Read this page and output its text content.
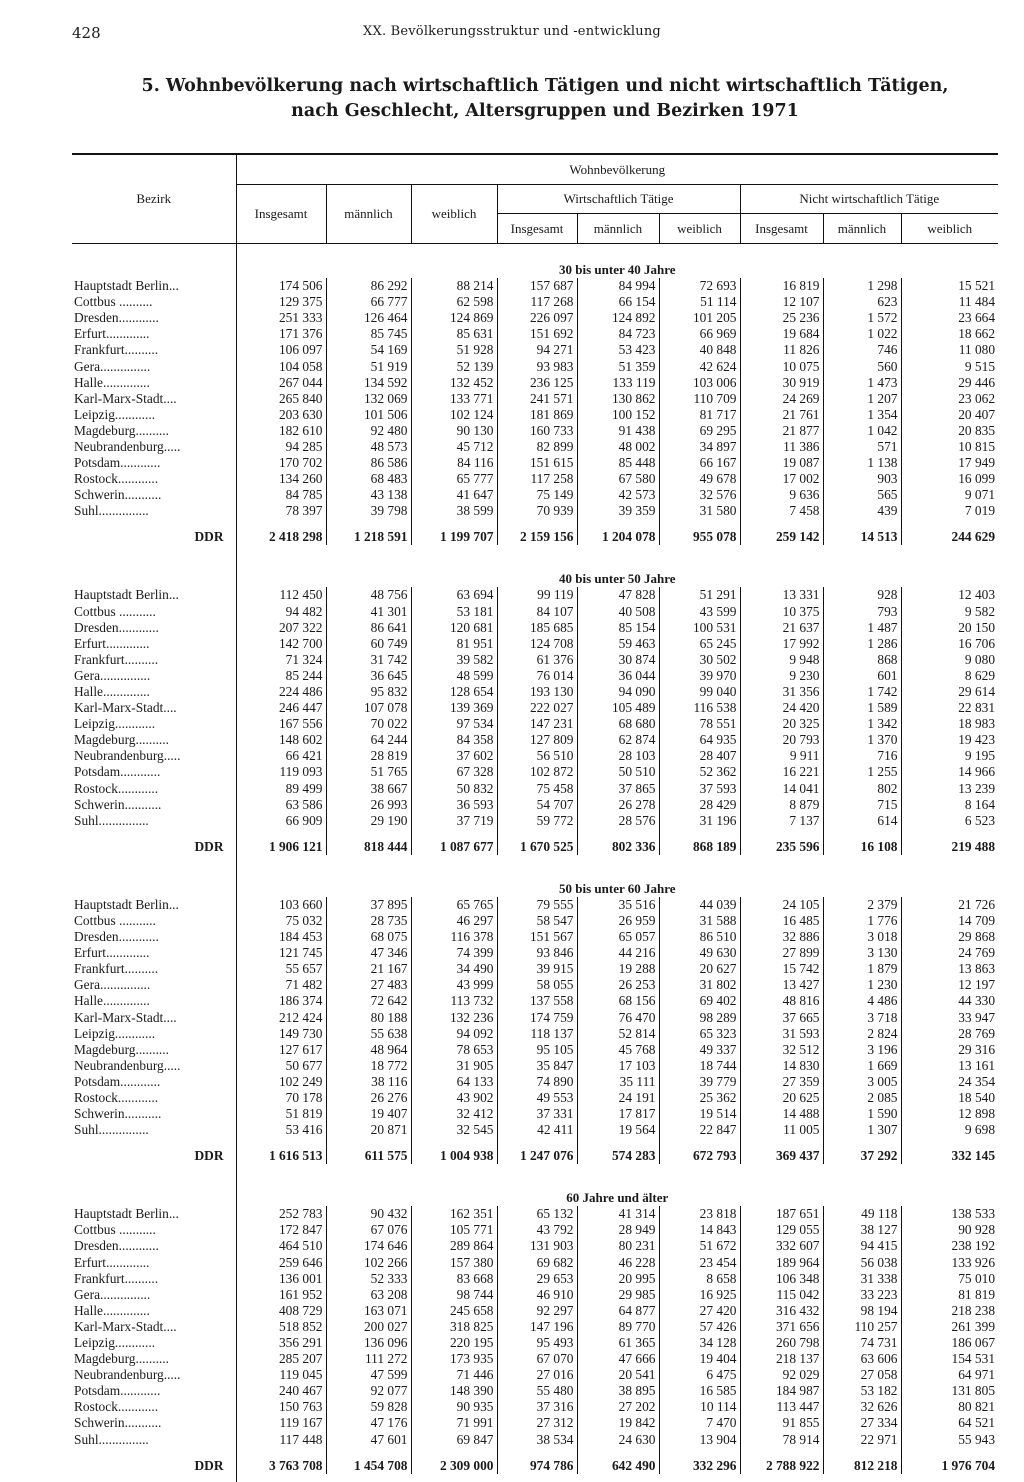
428	XX. Bevölkerungsstruktur und -entwicklung
5. Wohnbevölkerung nach wirtschaftlich Tätigen und nicht wirtschaftlich Tätigen,
nach Geschlecht, Altersgruppen und Bezirken 1971
Bezirk	Wohnbevölkerung								
	Insgesamt	männlich	weiblich	Wirtschaftlich Tätige			Nicht wirtschaftlich Tätige		
				Insgesamt	männlich	weiblich	Insgesamt	männlich	weiblich
	30 bis unter 40 Jahre								
Hauptstadt Berlin...	174 506	86 292	88 214	157 687	84 994	72 693	16 819	1 298	15 521
Cottbus ..........	129 375	66 777	62 598	117 268	66 154	51 114	12 107	623	11 484
Dresden............	251 333	126 464	124 869	226 097	124 892	101 205	25 236	1 572	23 664
Erfurt.............	171 376	85 745	85 631	151 692	84 723	66 969	19 684	1 022	18 662
Frankfurt..........	106 097	54 169	51 928	94 271	53 423	40 848	11 826	746	11 080
Gera...............	104 058	51 919	52 139	93 983	51 359	42 624	10 075	560	9 515
Halle..............	267 044	134 592	132 452	236 125	133 119	103 006	30 919	1 473	29 446
Karl-Marx-Stadt....	265 840	132 069	133 771	241 571	130 862	110 709	24 269	1 207	23 062
Leipzig............	203 630	101 506	102 124	181 869	100 152	81 717	21 761	1 354	20 407
Magdeburg..........	182 610	92 480	90 130	160 733	91 438	69 295	21 877	1 042	20 835
Neubrandenburg.....	94 285	48 573	45 712	82 899	48 002	34 897	11 386	571	10 815
Potsdam............	170 702	86 586	84 116	151 615	85 448	66 167	19 087	1 138	17 949
Rostock............	134 260	68 483	65 777	117 258	67 580	49 678	17 002	903	16 099
Schwerin...........	84 785	43 138	41 647	75 149	42 573	32 576	9 636	565	9 071
Suhl...............	78 397	39 798	38 599	70 939	39 359	31 580	7 458	439	7 019

DDR	2 418 298	1 218 591	1 199 707	2 159 156	1 204 078	955 078	259 142	14 513	244 629

	40 bis unter 50 Jahre								
Hauptstadt Berlin...	112 450	48 756	63 694	99 119	47 828	51 291	13 331	928	12 403
Cottbus ...........	94 482	41 301	53 181	84 107	40 508	43 599	10 375	793	9 582
Dresden............	207 322	86 641	120 681	185 685	85 154	100 531	21 637	1 487	20 150
Erfurt.............	142 700	60 749	81 951	124 708	59 463	65 245	17 992	1 286	16 706
Frankfurt..........	71 324	31 742	39 582	61 376	30 874	30 502	9 948	868	9 080
Gera...............	85 244	36 645	48 599	76 014	36 044	39 970	9 230	601	8 629
Halle..............	224 486	95 832	128 654	193 130	94 090	99 040	31 356	1 742	29 614
Karl-Marx-Stadt....	246 447	107 078	139 369	222 027	105 489	116 538	24 420	1 589	22 831
Leipzig............	167 556	70 022	97 534	147 231	68 680	78 551	20 325	1 342	18 983
Magdeburg..........	148 602	64 244	84 358	127 809	62 874	64 935	20 793	1 370	19 423
Neubrandenburg.....	66 421	28 819	37 602	56 510	28 103	28 407	9 911	716	9 195
Potsdam............	119 093	51 765	67 328	102 872	50 510	52 362	16 221	1 255	14 966
Rostock............	89 499	38 667	50 832	75 458	37 865	37 593	14 041	802	13 239
Schwerin...........	63 586	26 993	36 593	54 707	26 278	28 429	8 879	715	8 164
Suhl...............	66 909	29 190	37 719	59 772	28 576	31 196	7 137	614	6 523

DDR	1 906 121	818 444	1 087 677	1 670 525	802 336	868 189	235 596	16 108	219 488

	50 bis unter 60 Jahre								
Hauptstadt Berlin...	103 660	37 895	65 765	79 555	35 516	44 039	24 105	2 379	21 726
Cottbus ...........	75 032	28 735	46 297	58 547	26 959	31 588	16 485	1 776	14 709
Dresden............	184 453	68 075	116 378	151 567	65 057	86 510	32 886	3 018	29 868
Erfurt.............	121 745	47 346	74 399	93 846	44 216	49 630	27 899	3 130	24 769
Frankfurt..........	55 657	21 167	34 490	39 915	19 288	20 627	15 742	1 879	13 863
Gera...............	71 482	27 483	43 999	58 055	26 253	31 802	13 427	1 230	12 197
Halle..............	186 374	72 642	113 732	137 558	68 156	69 402	48 816	4 486	44 330
Karl-Marx-Stadt....	212 424	80 188	132 236	174 759	76 470	98 289	37 665	3 718	33 947
Leipzig............	149 730	55 638	94 092	118 137	52 814	65 323	31 593	2 824	28 769
Magdeburg..........	127 617	48 964	78 653	95 105	45 768	49 337	32 512	3 196	29 316
Neubrandenburg.....	50 677	18 772	31 905	35 847	17 103	18 744	14 830	1 669	13 161
Potsdam............	102 249	38 116	64 133	74 890	35 111	39 779	27 359	3 005	24 354
Rostock............	70 178	26 276	43 902	49 553	24 191	25 362	20 625	2 085	18 540
Schwerin...........	51 819	19 407	32 412	37 331	17 817	19 514	14 488	1 590	12 898
Suhl...............	53 416	20 871	32 545	42 411	19 564	22 847	11 005	1 307	9 698

DDR	1 616 513	611 575	1 004 938	1 247 076	574 283	672 793	369 437	37 292	332 145

	60 Jahre und älter								
Hauptstadt Berlin...	252 783	90 432	162 351	65 132	41 314	23 818	187 651	49 118	138 533
Cottbus ...........	172 847	67 076	105 771	43 792	28 949	14 843	129 055	38 127	90 928
Dresden............	464 510	174 646	289 864	131 903	80 231	51 672	332 607	94 415	238 192
Erfurt.............	259 646	102 266	157 380	69 682	46 228	23 454	189 964	56 038	133 926
Frankfurt..........	136 001	52 333	83 668	29 653	20 995	8 658	106 348	31 338	75 010
Gera...............	161 952	63 208	98 744	46 910	29 985	16 925	115 042	33 223	81 819
Halle..............	408 729	163 071	245 658	92 297	64 877	27 420	316 432	98 194	218 238
Karl-Marx-Stadt....	518 852	200 027	318 825	147 196	89 770	57 426	371 656	110 257	261 399
Leipzig............	356 291	136 096	220 195	95 493	61 365	34 128	260 798	74 731	186 067
Magdeburg..........	285 207	111 272	173 935	67 070	47 666	19 404	218 137	63 606	154 531
Neubrandenburg.....	119 045	47 599	71 446	27 016	20 541	6 475	92 029	27 058	64 971
Potsdam............	240 467	92 077	148 390	55 480	38 895	16 585	184 987	53 182	131 805
Rostock............	150 763	59 828	90 935	37 316	27 202	10 114	113 447	32 626	80 821
Schwerin...........	119 167	47 176	71 991	27 312	19 842	7 470	91 855	27 334	64 521
Suhl...............	117 448	47 601	69 847	38 534	24 630	13 904	78 914	22 971	55 943

DDR	3 763 708	1 454 708	2 309 000	974 786	642 490	332 296	2 788 922	812 218	1 976 704
